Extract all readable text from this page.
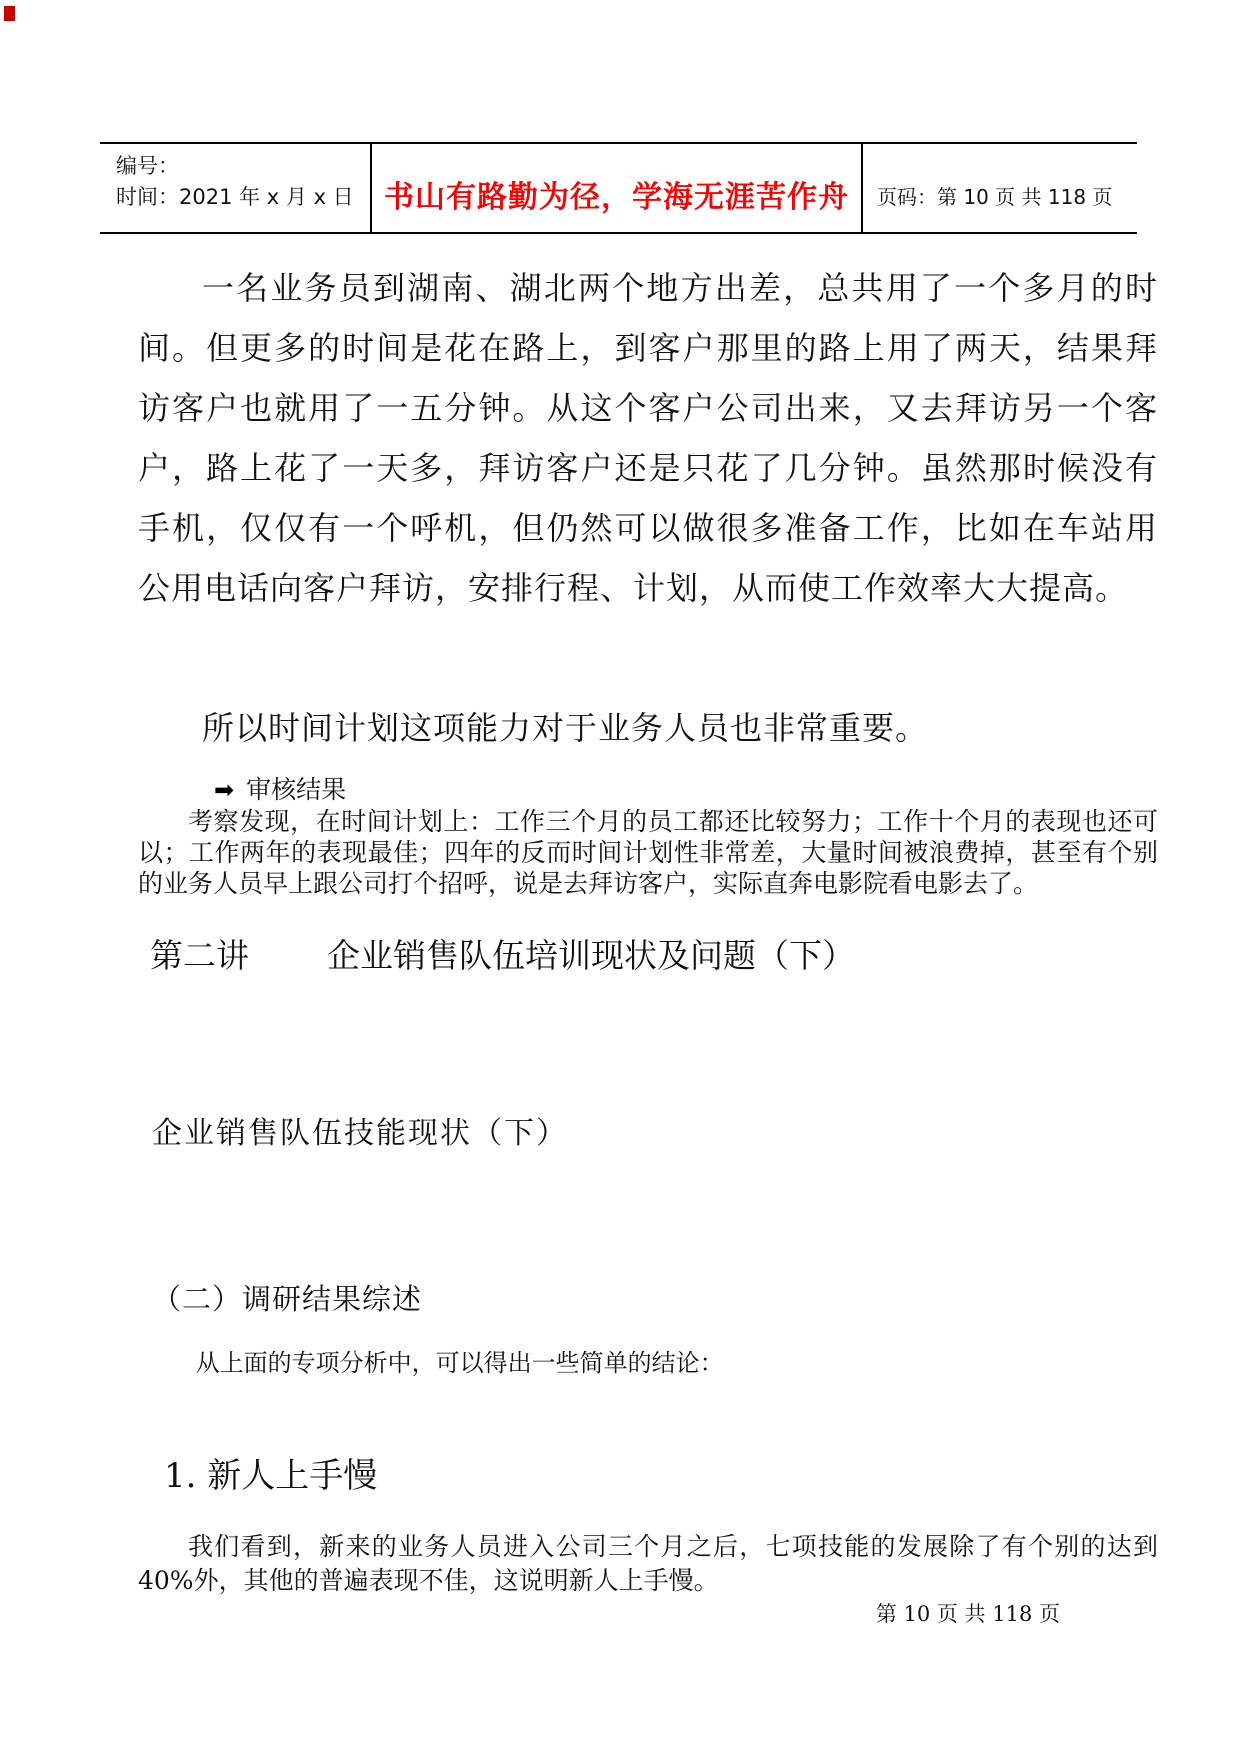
编号：
时间：2021 年 x 月 x 日	书山有路勤为径，学海无涯苦作舟 页码：第 10 页 共 118 页

一名业务员到湖南、湖北两个地方出差，总共用了一个多月的时间。但更多的时间是花在路上，到客户那里的路上用了两天，结果拜访客户也就用了一五分钟。从这个客户公司出来，又去拜访另一个客户，路上花了一天多，拜访客户还是只花了几分钟。虽然那时候没有手机，仅仅有一个呼机，但仍然可以做很多准备工作，比如在车站用公用电话向客户拜访，安排行程、计划，从而使工作效率大大提高。

所以时间计划这项能力对于业务人员也非常重要。

➡ 审核结果

考察发现，在时间计划上：工作三个月的员工都还比较努力；工作十个月的表现也还可以；工作两年的表现最佳；四年的反而时间计划性非常差，大量时间被浪费掉，甚至有个别的业务人员早上跟公司打个招呼，说是去拜访客户，实际直奔电影院看电影去了。

第二讲 企业销售队伍培训现状及问题（下）
企业销售队伍技能现状（下）
（二）调研结果综述

从上面的专项分析中，可以得出一些简单的结论：

1. 新人上手慢

我们看到，新来的业务人员进入公司三个月之后，七项技能的发展除了有个别的达到40%外，其他的普遍表现不佳，这说明新人上手慢。

第 10 页 共 118 页
